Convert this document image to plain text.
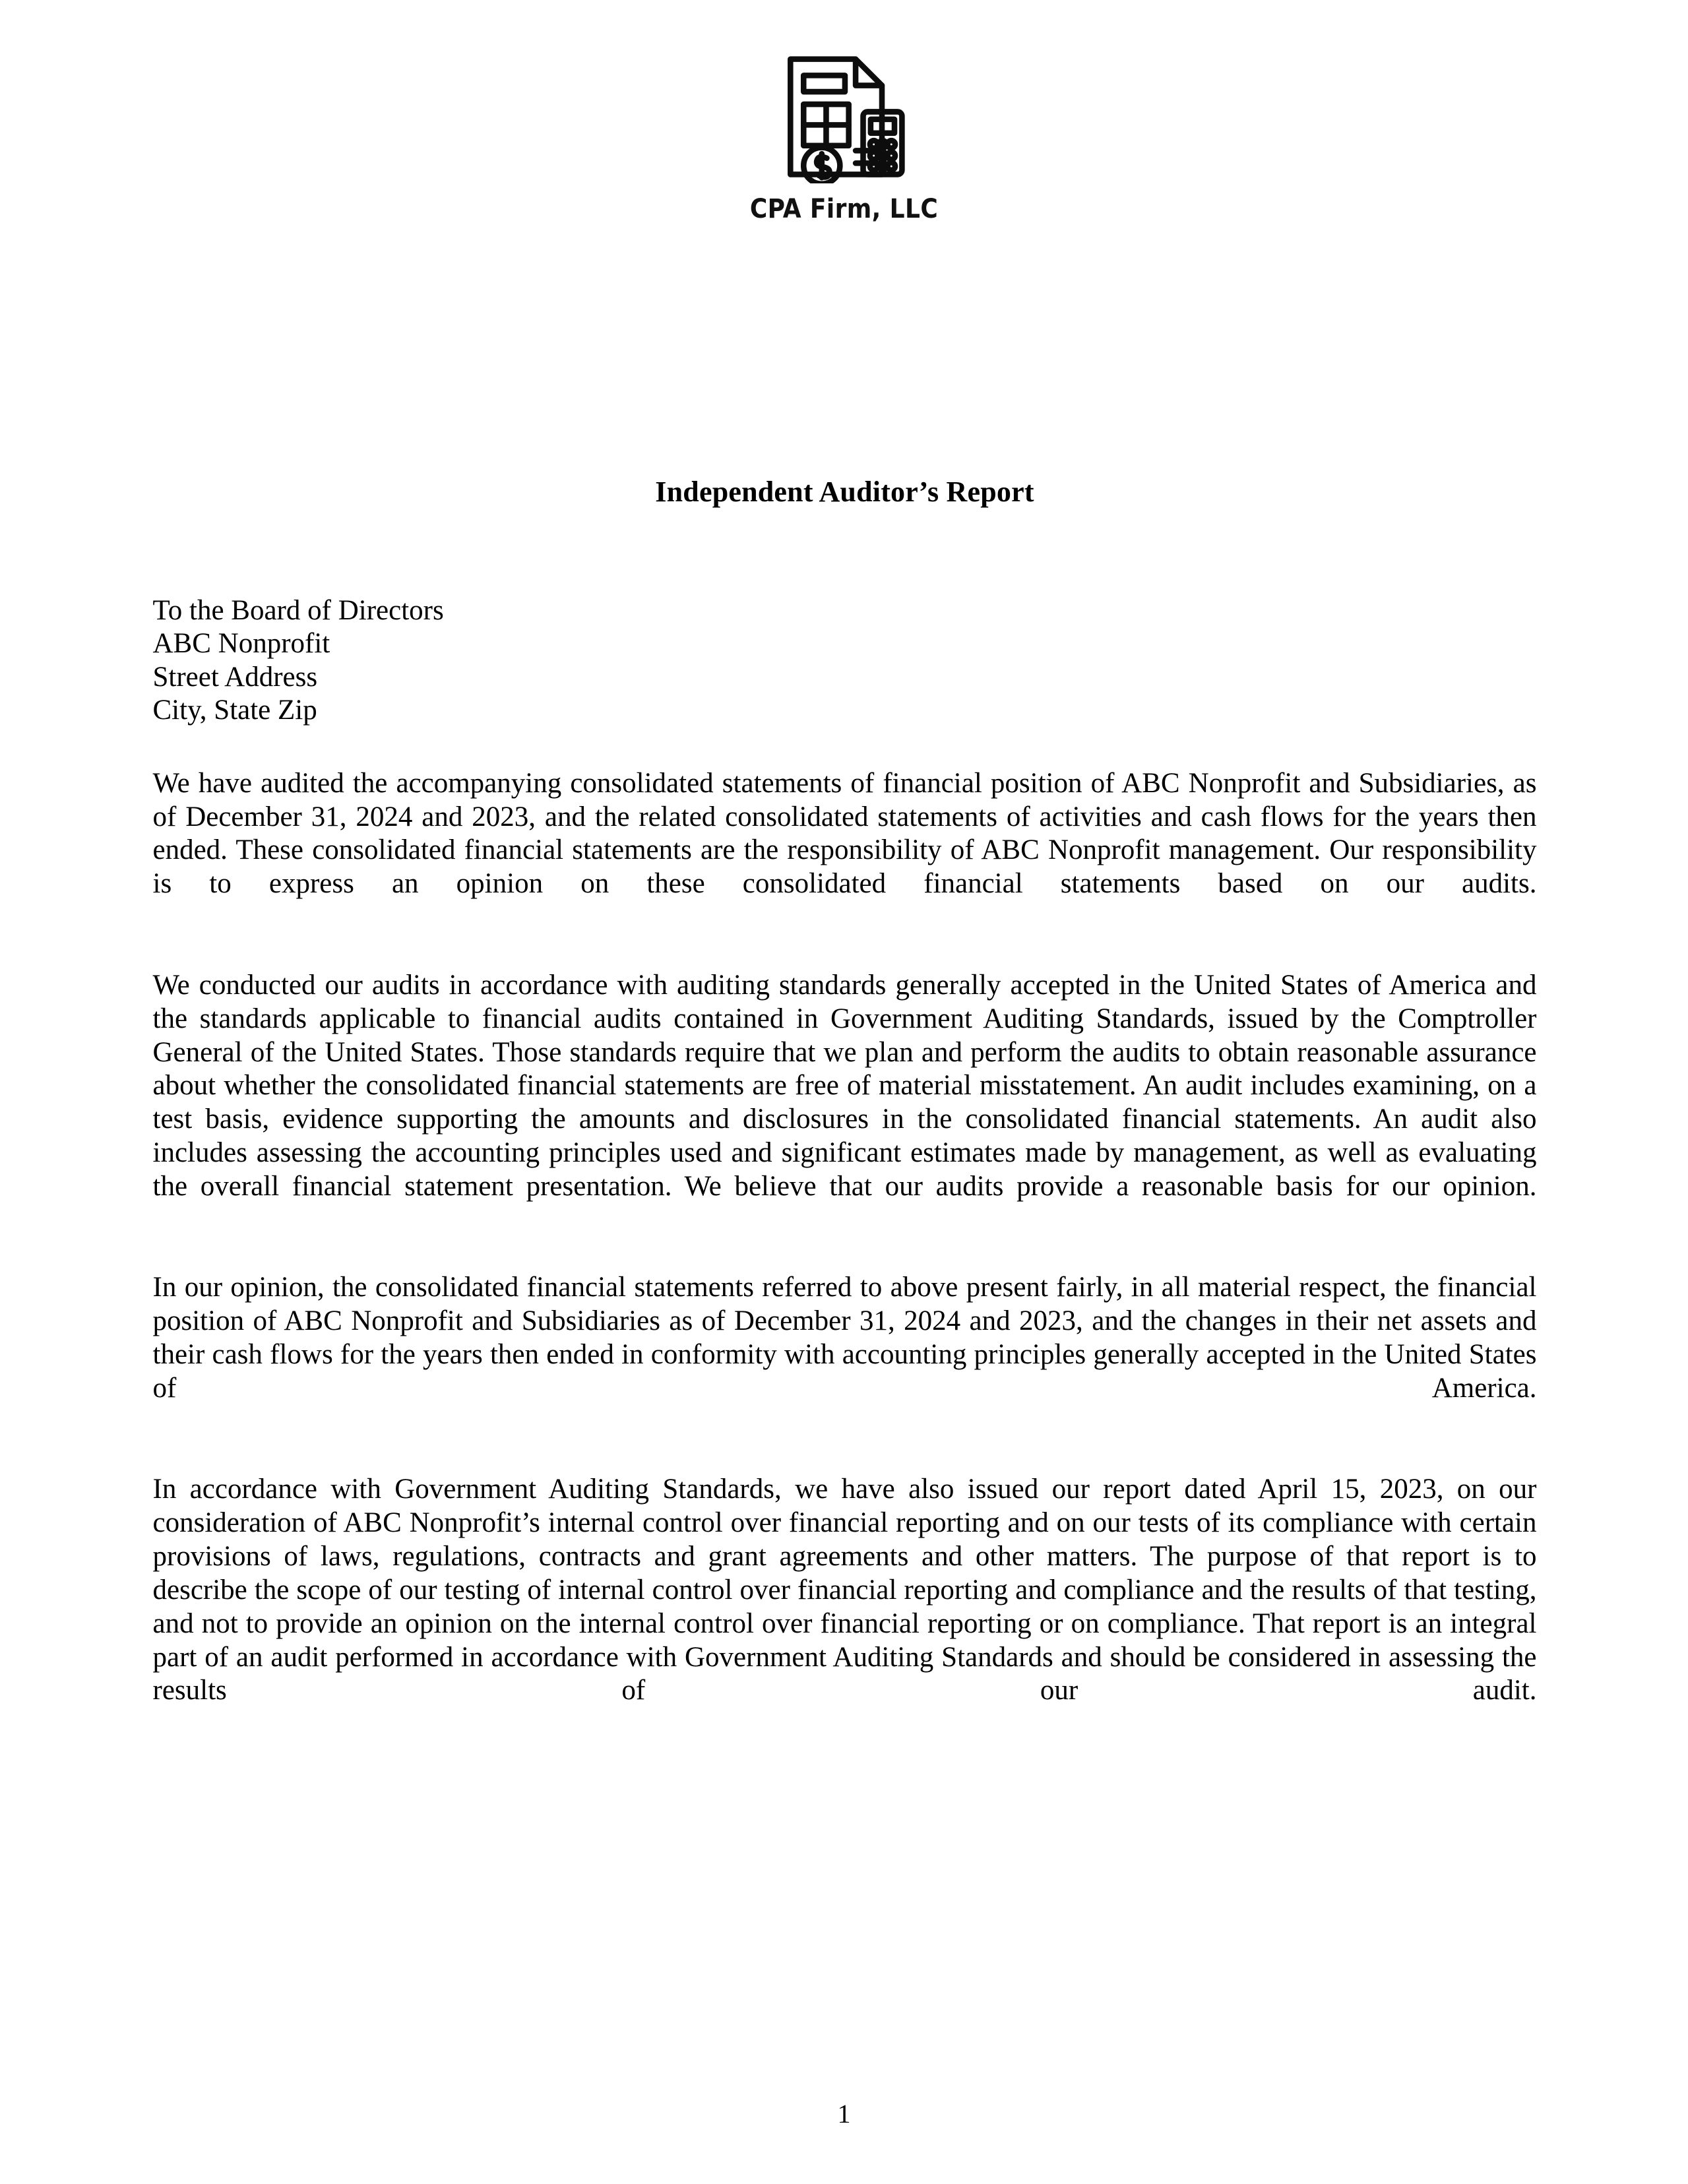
CPA Firm, LLC
Independent Auditor’s Report
To the Board of Directors
ABC Nonprofit
Street Address
City, State Zip

We have audited the accompanying consolidated statements of financial position of ABC Nonprofit and Subsidiaries, as of December 31, 2024 and 2023, and the related consolidated statements of activities and cash flows for the years then ended. These consolidated financial statements are the responsibility of ABC Nonprofit management. Our responsibility is to express an opinion on these consolidated financial statements based on our audits.

We conducted our audits in accordance with auditing standards generally accepted in the United States of America and the standards applicable to financial audits contained in Government Auditing Standards, issued by the Comptroller General of the United States. Those standards require that we plan and perform the audits to obtain reasonable assurance about whether the consolidated financial statements are free of material misstatement. An audit includes examining, on a test basis, evidence supporting the amounts and disclosures in the consolidated financial statements. An audit also includes assessing the accounting principles used and significant estimates made by management, as well as evaluating the overall financial statement presentation. We believe that our audits provide a reasonable basis for our opinion.

In our opinion, the consolidated financial statements referred to above present fairly, in all material respect, the financial position of ABC Nonprofit and Subsidiaries as of December 31, 2024 and 2023, and the changes in their net assets and their cash flows for the years then ended in conformity with accounting principles generally accepted in the United States of America.

In accordance with Government Auditing Standards, we have also issued our report dated April 15, 2023, on our consideration of ABC Nonprofit’s internal control over financial reporting and on our tests of its compliance with certain provisions of laws, regulations, contracts and grant agreements and other matters. The purpose of that report is to describe the scope of our testing of internal control over financial reporting and compliance and the results of that testing, and not to provide an opinion on the internal control over financial reporting or on compliance. That report is an integral part of an audit performed in accordance with Government Auditing Standards and should be considered in assessing the results of our audit.

1
